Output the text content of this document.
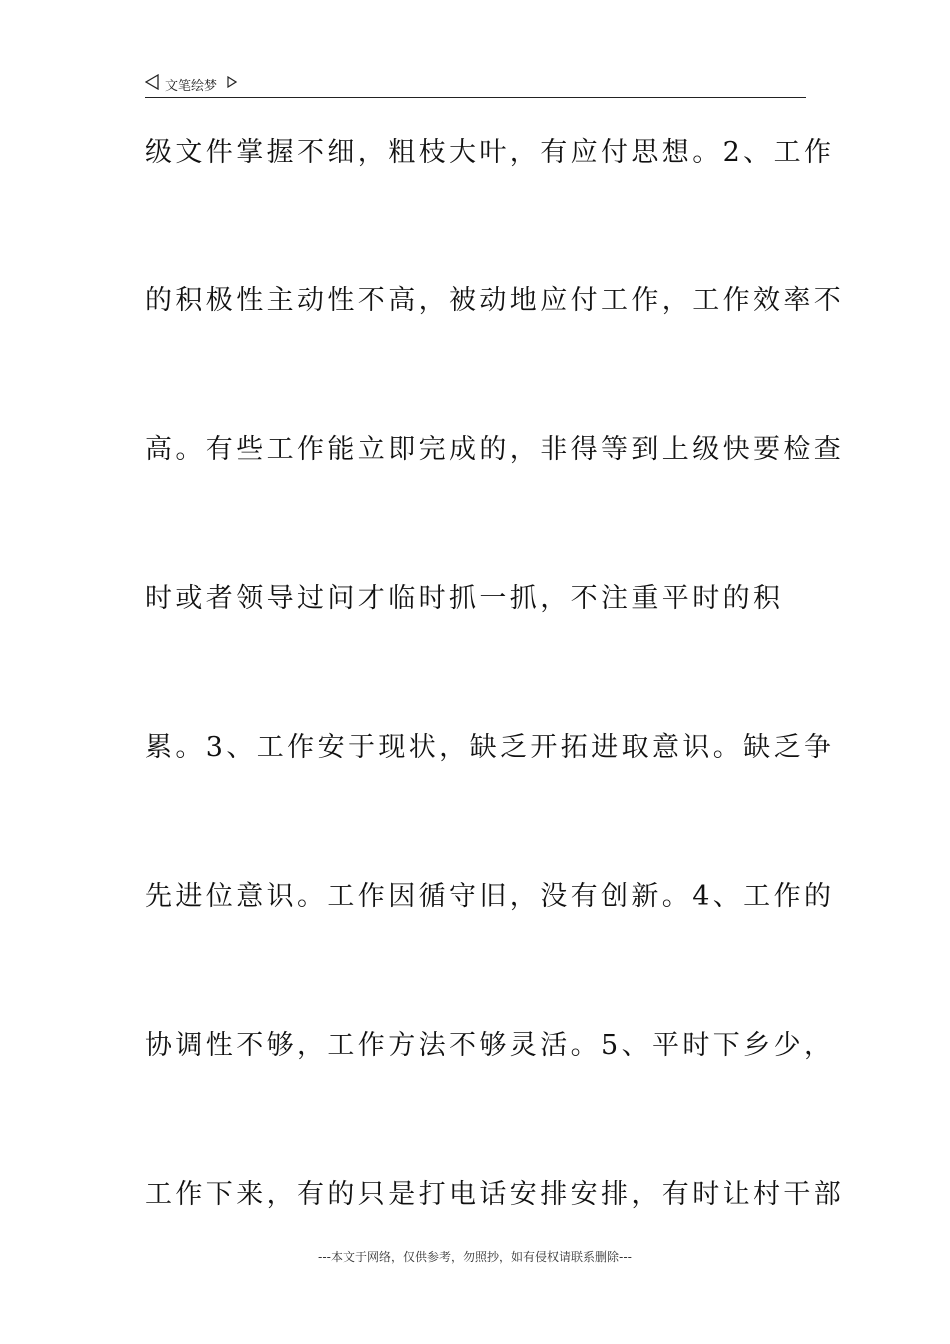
文笔绘梦
级文件掌握不细，粗枝大叶，有应付思想。2、工作
的积极性主动性不高，被动地应付工作，工作效率不
高。有些工作能立即完成的，非得等到上级快要检查
时或者领导过问才临时抓一抓，不注重平时的积
累。3、工作安于现状，缺乏开拓进取意识。缺乏争
先进位意识。工作因循守旧，没有创新。4、工作的
协调性不够，工作方法不够灵活。5、平时下乡少，
工作下来，有的只是打电话安排安排，有时让村干部
---本文于网络，仅供参考，勿照抄，如有侵权请联系删除---
